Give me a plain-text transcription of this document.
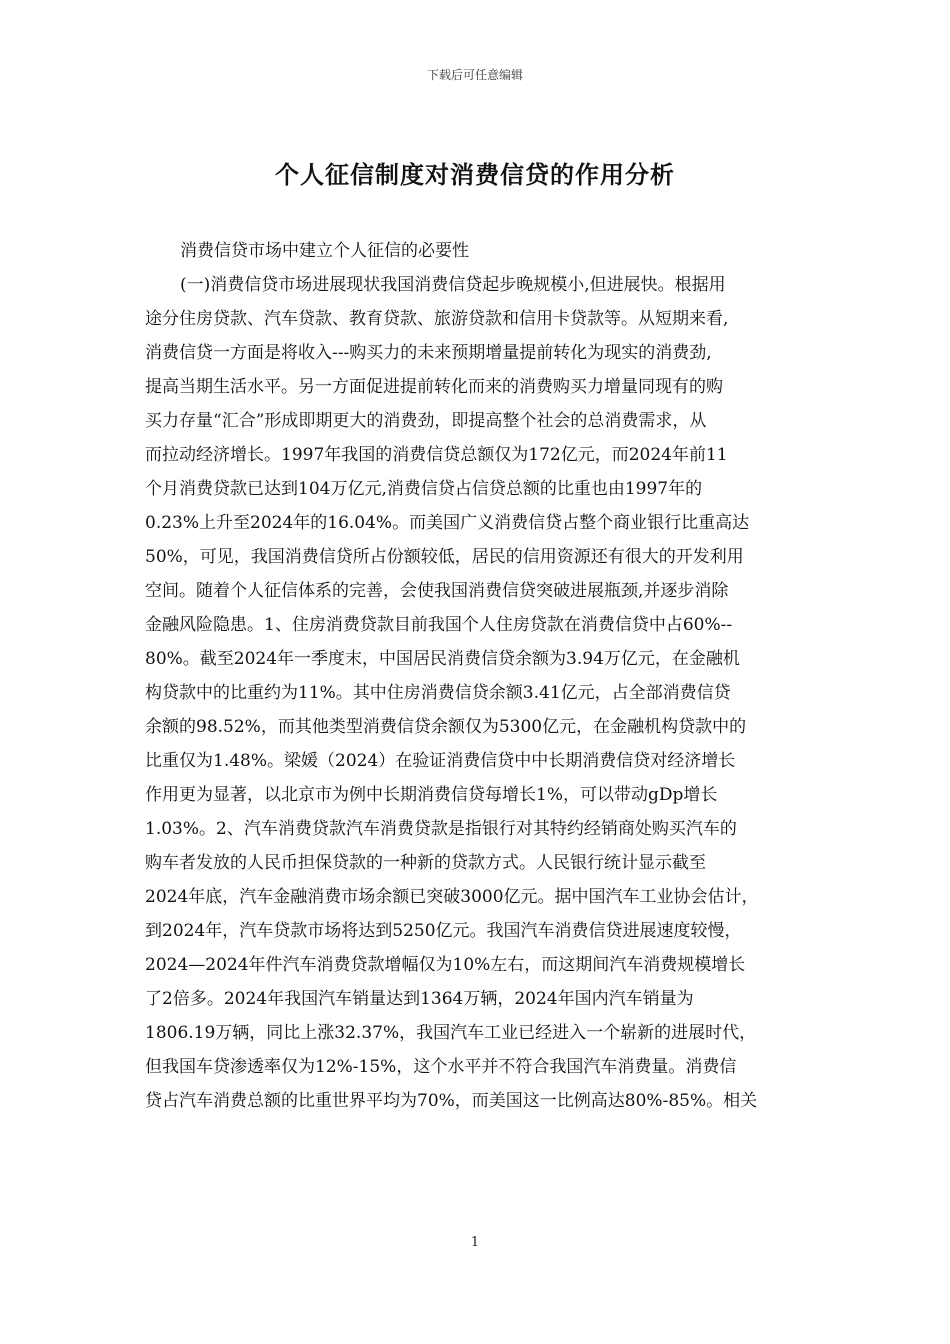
下载后可任意编辑
个人征信制度对消费信贷的作用分析
消费信贷市场中建立个人征信的必要性
(一)消费信贷市场进展现状我国消费信贷起步晚规模小,但进展快。根据用
途分住房贷款、汽车贷款、教育贷款、旅游贷款和信用卡贷款等。从短期来看,
消费信贷一方面是将收入---购买力的未来预期增量提前转化为现实的消费劲,
提高当期生活水平。另一方面促进提前转化而来的消费购买力增量同现有的购
买力存量“汇合”形成即期更大的消费劲，即提高整个社会的总消费需求，从
而拉动经济增长。1997年我国的消费信贷总额仅为172亿元，而2024年前11
个月消费贷款已达到104万亿元,消费信贷占信贷总额的比重也由1997年的
0.23%上升至2024年的16.04%。而美国广义消费信贷占整个商业银行比重高达
50%，可见，我国消费信贷所占份额较低，居民的信用资源还有很大的开发利用
空间。随着个人征信体系的完善，会使我国消费信贷突破进展瓶颈,并逐步消除
金融风险隐患。1、住房消费贷款目前我国个人住房贷款在消费信贷中占60%--
80%。截至2024年一季度末，中国居民消费信贷余额为3.94万亿元，在金融机
构贷款中的比重约为11%。其中住房消费信贷余额3.41亿元，占全部消费信贷
余额的98.52%，而其他类型消费信贷余额仅为5300亿元，在金融机构贷款中的
比重仅为1.48%。梁媛（2024）在验证消费信贷中中长期消费信贷对经济增长
作用更为显著，以北京市为例中长期消费信贷每增长1%，可以带动gDp增长
1.03%。2、汽车消费贷款汽车消费贷款是指银行对其特约经销商处购买汽车的
购车者发放的人民币担保贷款的一种新的贷款方式。人民银行统计显示截至
2024年底，汽车金融消费市场余额已突破3000亿元。据中国汽车工业协会估计，
到2024年，汽车贷款市场将达到5250亿元。我国汽车消费信贷进展速度较慢，
2024—2024年件汽车消费贷款增幅仅为10%左右，而这期间汽车消费规模增长
了2倍多。2024年我国汽车销量达到1364万辆，2024年国内汽车销量为
1806.19万辆，同比上涨32.37%，我国汽车工业已经进入一个崭新的进展时代，
但我国车贷渗透率仅为12%-15%，这个水平并不符合我国汽车消费量。消费信
贷占汽车消费总额的比重世界平均为70%，而美国这一比例高达80%-85%。相关
1
